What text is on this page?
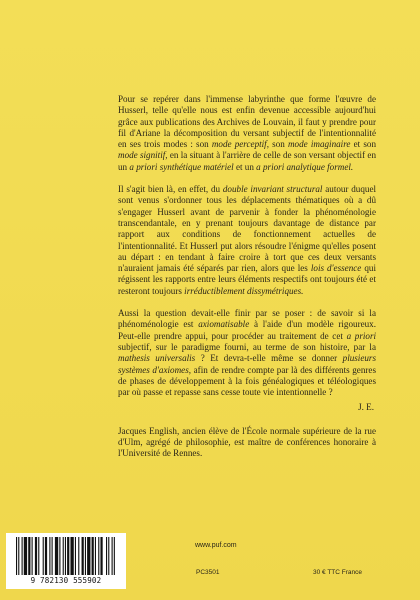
Pour se repérer dans l'immense labyrinthe que forme l'œuvre de Husserl, telle qu'elle nous est enfin devenue accessible aujourd'hui grâce aux publications des Archives de Louvain, il faut y prendre pour fil d'Ariane la décomposition du versant subjectif de l'intentionnalité en ses trois modes : son mode perceptif, son mode imaginaire et son mode signitif, en la situant à l'arrière de celle de son versant objectif en un a priori synthétique matériel et un a priori analytique formel.

Il s'agit bien là, en effet, du double invariant structural autour duquel sont venus s'ordonner tous les déplacements thématiques où a dû s'engager Husserl avant de parvenir à fonder la phénoménologie transcendantale, en y prenant toujours davantage de distance par rapport aux conditions de fonctionnement actuelles de l'intentionnalité. Et Husserl put alors résoudre l'énigme qu'elles posent au départ : en tendant à faire croire à tort que ces deux versants n'auraient jamais été séparés par rien, alors que les lois d'essence qui régissent les rapports entre leurs éléments respectifs ont toujours été et resteront toujours irréductiblement dissymétriques.

Aussi la question devait-elle finir par se poser : de savoir si la phénoménologie est axiomatisable à l'aide d'un modèle rigoureux. Peut-elle prendre appui, pour procéder au traitement de cet a priori subjectif, sur le paradigme fourni, au terme de son histoire, par la mathesis universalis ? Et devra-t-elle même se donner plusieurs systèmes d'axiomes, afin de rendre compte par là des différents genres de phases de développement à la fois généalogiques et téléologiques par où passe et repasse sans cesse toute vie intentionnelle ?

J. E.

Jacques English, ancien élève de l'École normale supérieure de la rue d'Ulm, agrégé de philosophie, est maître de conférences honoraire à l'Université de Rennes.

9 782130 555902
www.puf.com
PC3501	30 € TTC France
